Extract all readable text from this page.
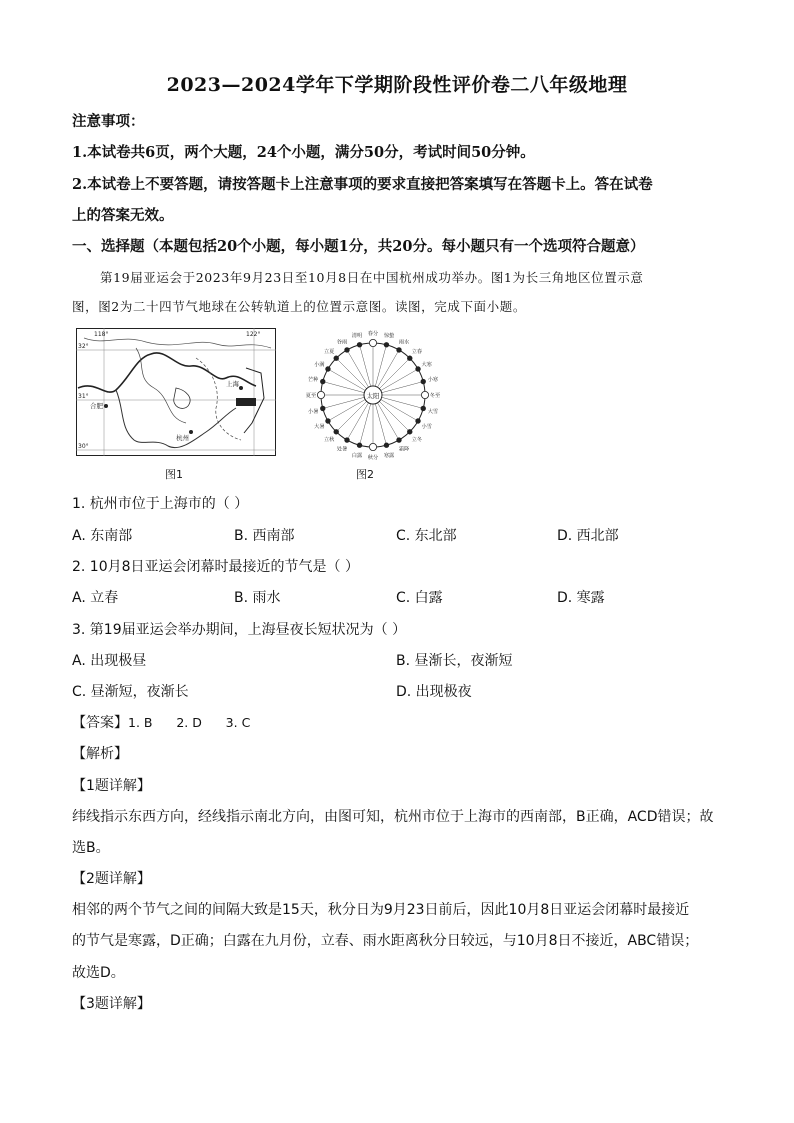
2023—2024学年下学期阶段性评价卷二八年级地理
注意事项：
1.本试卷共6页，两个大题，24个小题，满分50分，考试时间50分钟。
2.本试卷上不要答题，请按答题卡上注意事项的要求直接把答案填写在答题卡上。答在试卷
上的答案无效。
一、选择题（本题包括20个小题，每小题1分，共20分。每小题只有一个选项符合题意）
第19届亚运会于2023年9月23日至10月8日在中国杭州成功举办。图1为长三角地区位置示意
图，图2为二十四节气地球在公转轨道上的位置示意图。读图，完成下面小题。
118°	122°
32°
31°
30°
上海
杭州
合肥
图1
太阳
春分 惊蛰
雨水
立春
大寒
小寒
冬至
大雪
小雪
立冬
霜降
寒露
秋分
白露
处暑
立秋
大暑
小暑
夏至
芒种
小满
立夏
谷雨
清明
图2
1. 杭州市位于上海市的（ ）
A. 东南部	B. 西南部	C. 东北部	D. 西北部
2. 10月8日亚运会闭幕时最接近的节气是（ ）
A. 立春	B. 雨水	C. 白露	D. 寒露
3. 第19届亚运会举办期间，上海昼夜长短状况为（ ）
A. 出现极昼	B. 昼渐长，夜渐短
C. 昼渐短，夜渐长	D. 出现极夜
【答案】1. B      2. D      3. C
【解析】
【1题详解】
纬线指示东西方向，经线指示南北方向，由图可知，杭州市位于上海市的西南部，B正确，ACD错误；故
选B。
【2题详解】
相邻的两个节气之间的间隔大致是15天，秋分日为9月23日前后，因此10月8日亚运会闭幕时最接近
的节气是寒露，D正确；白露在九月份，立春、雨水距离秋分日较远，与10月8日不接近，ABC错误；
故选D。
【3题详解】
